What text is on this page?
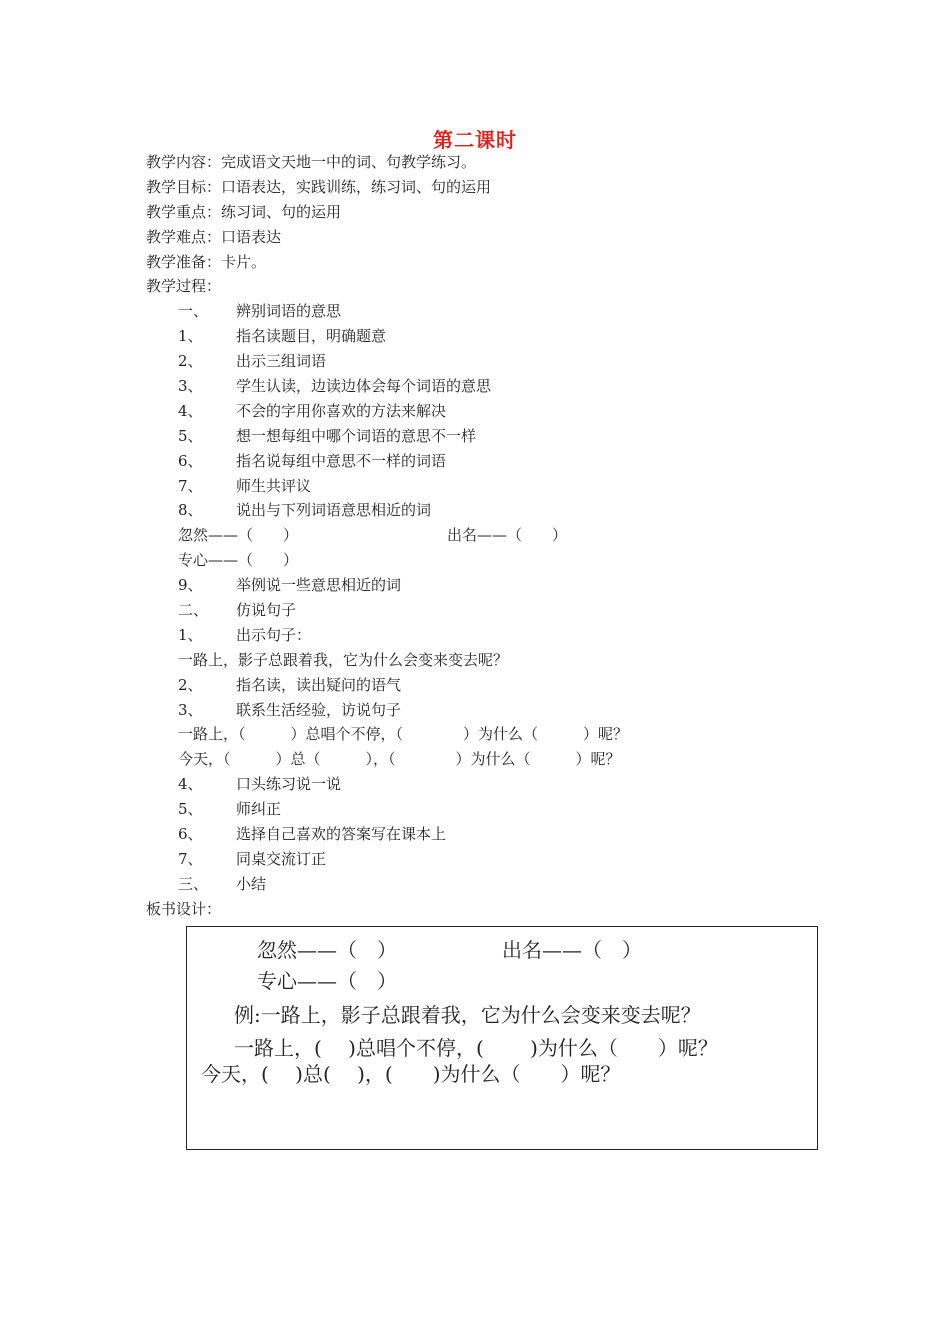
第二课时
教学内容：完成语文天地一中的词、句教学练习。
教学目标：口语表达，实践训练，练习词、句的运用
教学重点：练习词、句的运用
教学难点：口语表达
教学准备：卡片。
教学过程：
一、 辨别词语的意思
1、 指名读题目，明确题意
2、 出示三组词语
3、 学生认读，边读边体会每个词语的意思
4、 不会的字用你喜欢的方法来解决
5、 想一想每组中哪个词语的意思不一样
6、 指名说每组中意思不一样的词语
7、 师生共评议
8、 说出与下列词语意思相近的词
忽然——（　　）	出名——（　　）
专心——（　　）
9、 举例说一些意思相近的词
二、 仿说句子
1、 出示句子：
一路上，影子总跟着我，它为什么会变来变去呢？
2、 指名读，读出疑问的语气
3、 联系生活经验，访说句子
一路上，（　　　）总唱个不停，（　　　　）为什么（　　　）呢？
今天，（　　　）总（　　　），（　　　　）为什么（　　　）呢？
4、 口头练习说一说
5、 师纠正
6、 选择自己喜欢的答案写在课本上
7、 同桌交流订正
三、 小结
板书设计：
忽然——（　）	出名——（　）
专心——（　）
例:一路上，影子总跟着我，它为什么会变来变去呢？
一路上，(　 )总唱个不停，(　　 )为什么（　　）呢？
今天，(　 )总(　 )，(　　)为什么（　　）呢？
